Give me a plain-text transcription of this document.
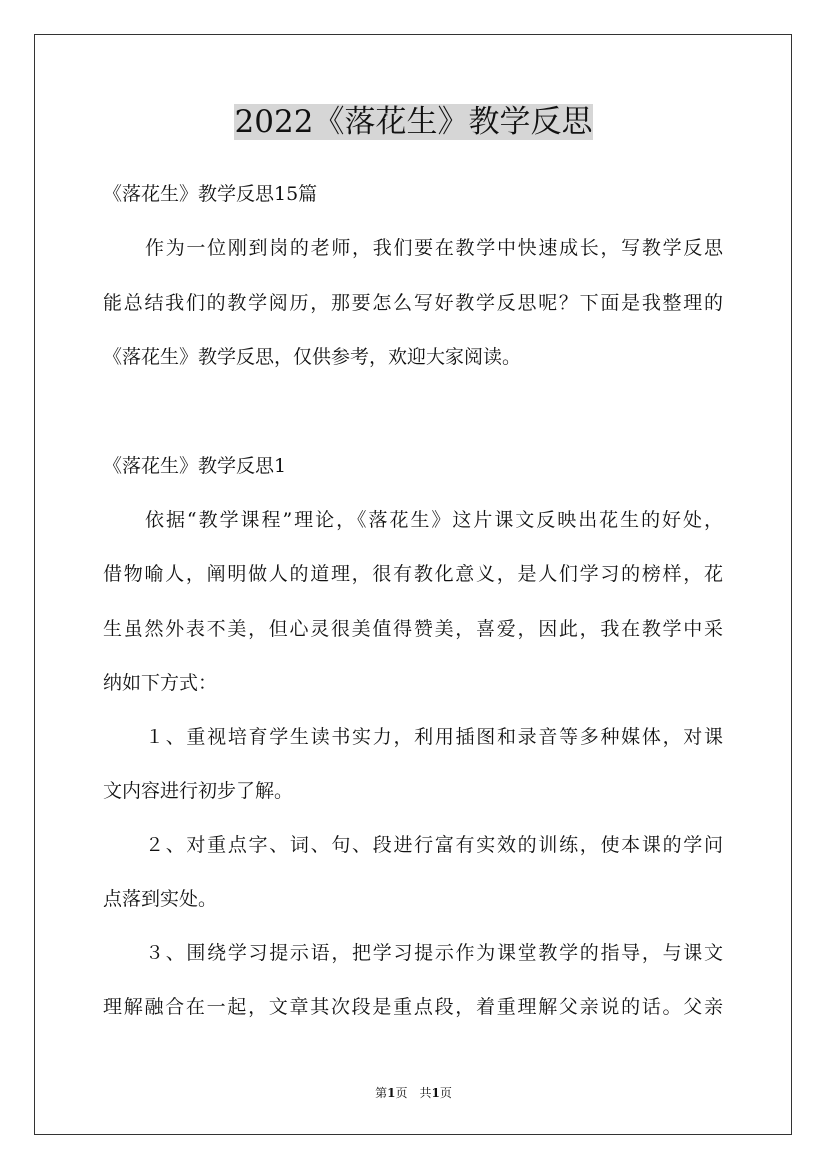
2022《落花生》教学反思
《落花生》教学反思15篇
作为一位刚到岗的老师，我们要在教学中快速成长，写教学反思
能总结我们的教学阅历，那要怎么写好教学反思呢？下面是我整理的
《落花生》教学反思，仅供参考，欢迎大家阅读。
《落花生》教学反思1
依据“教学课程”理论，《落花生》这片课文反映出花生的好处，
借物喻人，阐明做人的道理，很有教化意义，是人们学习的榜样，花
生虽然外表不美，但心灵很美值得赞美，喜爱，因此，我在教学中采
纳如下方式：
１、重视培育学生读书实力，利用插图和录音等多种媒体，对课
文内容进行初步了解。
２、对重点字、词、句、段进行富有实效的训练，使本课的学问
点落到实处。
３、围绕学习提示语，把学习提示作为课堂教学的指导，与课文
理解融合在一起，文章其次段是重点段，着重理解父亲说的话。父亲
第1页　共1页
